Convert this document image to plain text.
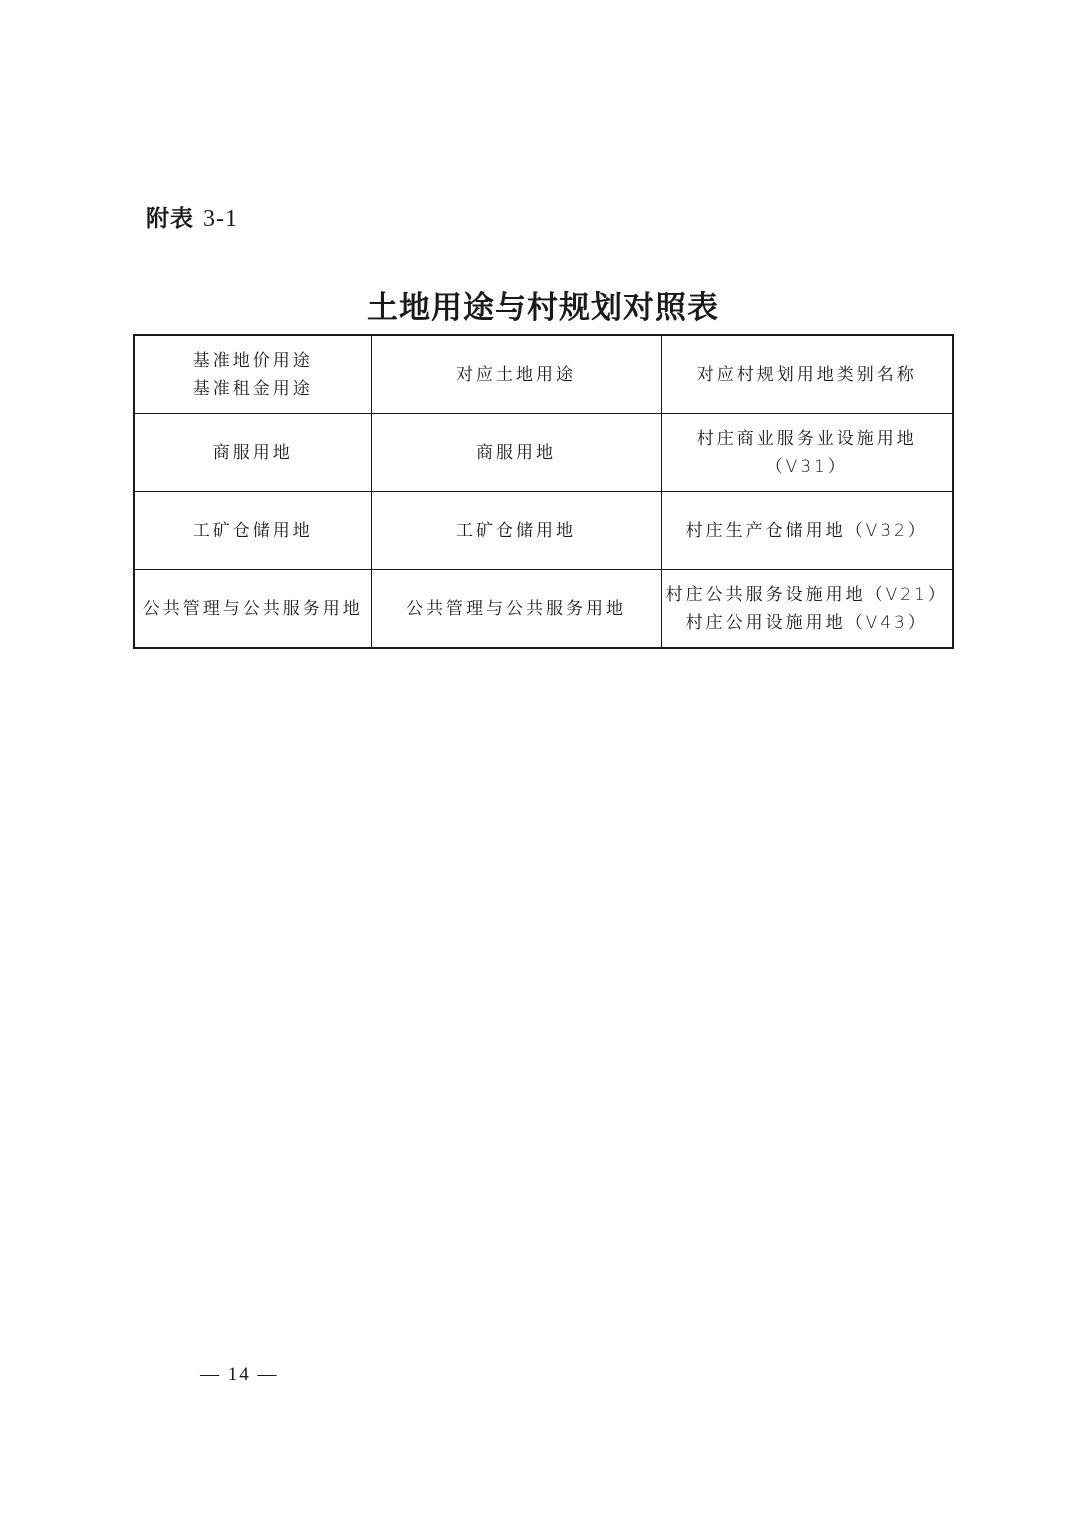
附表 3-1
土地用途与村规划对照表
基准地价用途
基准租金用途	对应土地用途	对应村规划用地类别名称

商服用地	商服用地	村庄商业服务业设施用地（V31）

工矿仓储用地	工矿仓储用地	村庄生产仓储用地（V32）

公共管理与公共服务用地	公共管理与公共服务用地	村庄公共服务设施用地（V21）
村庄公用设施用地（V43）
— 14 —
